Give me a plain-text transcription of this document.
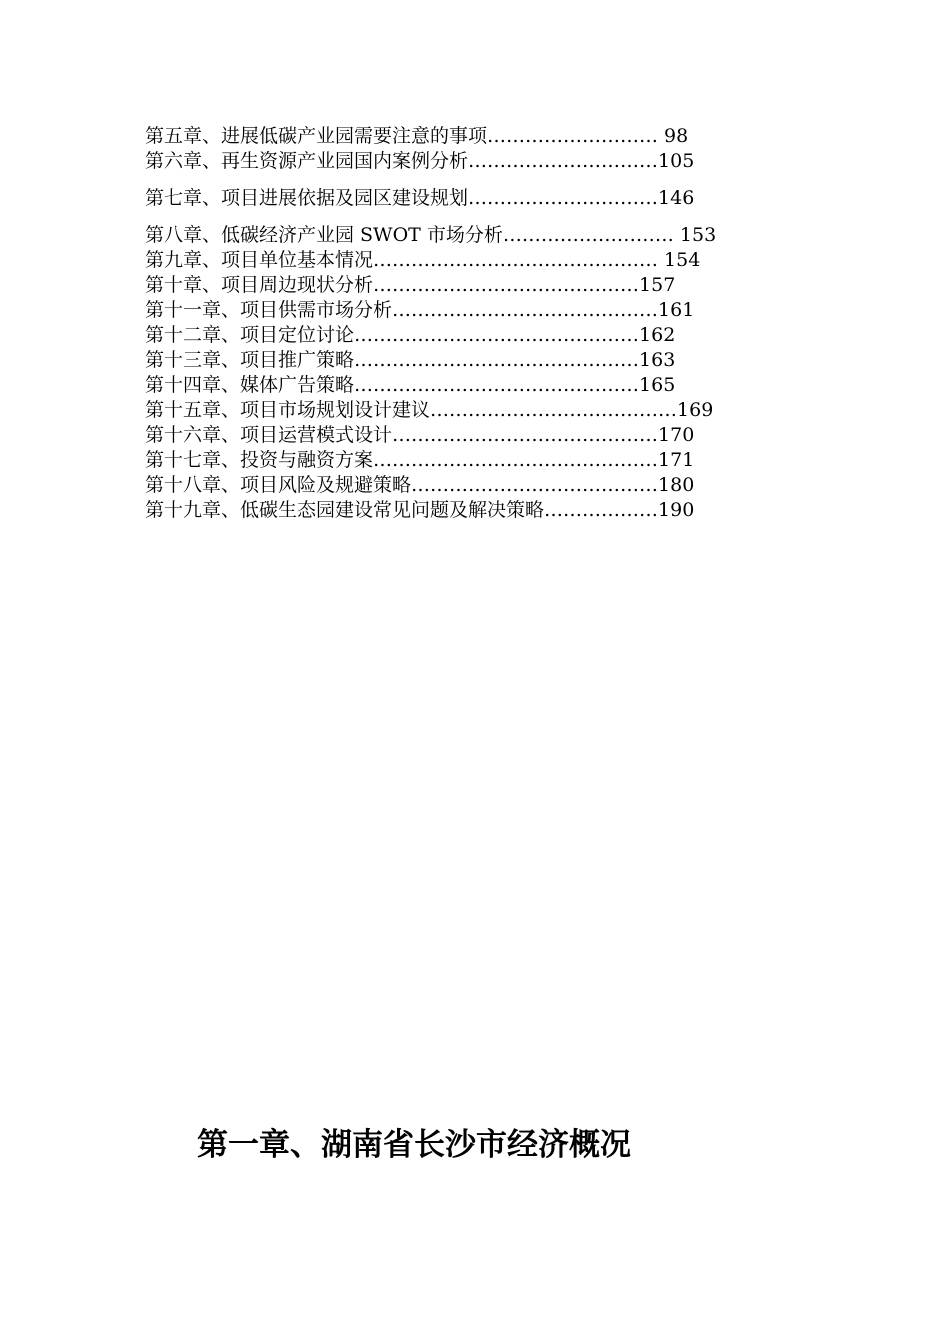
第五章、进展低碳产业园需要注意的事项……………………… 98
第六章、再生资源产业园国内案例分析…………………………105
第七章、项目进展依据及园区建设规划…………………………146
第八章、低碳经济产业园 SWOT 市场分析……………………… 153
第九章、项目单位基本情况……………………………………… 154
第十章、项目周边现状分析……………………………………157
第十一章、项目供需市场分析……………………………………161
第十二章、项目定位讨论………………………………………162
第十三章、项目推广策略………………………………………163
第十四章、媒体广告策略………………………………………165
第十五章、项目市场规划设计建议…………………………………169
第十六章、项目运营模式设计……………………………………170
第十七章、投资与融资方案………………………………………171
第十八章、项目风险及规避策略…………………………………180
第十九章、低碳生态园建设常见问题及解决策略………………190
第一章、湖南省长沙市经济概况
